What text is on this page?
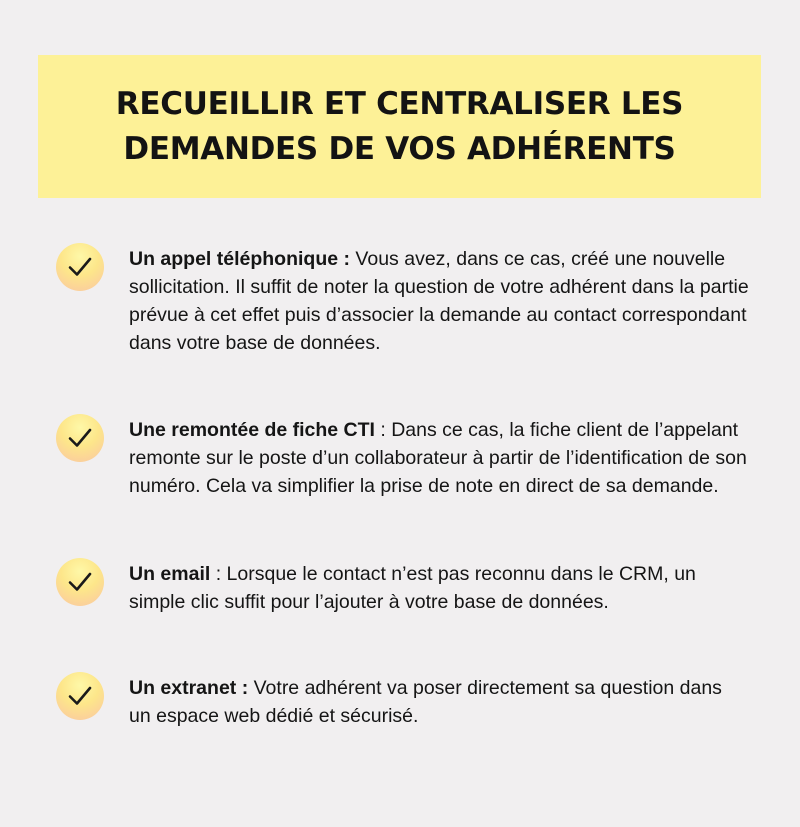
RECUEILLIR ET CENTRALISER LES DEMANDES DE VOS ADHÉRENTS

Un appel téléphonique : Vous avez, dans ce cas, créé une nouvelle sollicitation. Il suffit de noter la question de votre adhérent dans la partie prévue à cet effet puis d’associer la demande au contact correspondant dans votre base de données.

Une remontée de fiche CTI : Dans ce cas, la fiche client de l’appelant remonte sur le poste d’un collaborateur à partir de l’identification de son numéro. Cela va simplifier la prise de note en direct de sa demande.

Un email : Lorsque le contact n’est pas reconnu dans le CRM, un simple clic suffit pour l’ajouter à votre base de données.

Un extranet : Votre adhérent va poser directement sa question dans un espace web dédié et sécurisé.
